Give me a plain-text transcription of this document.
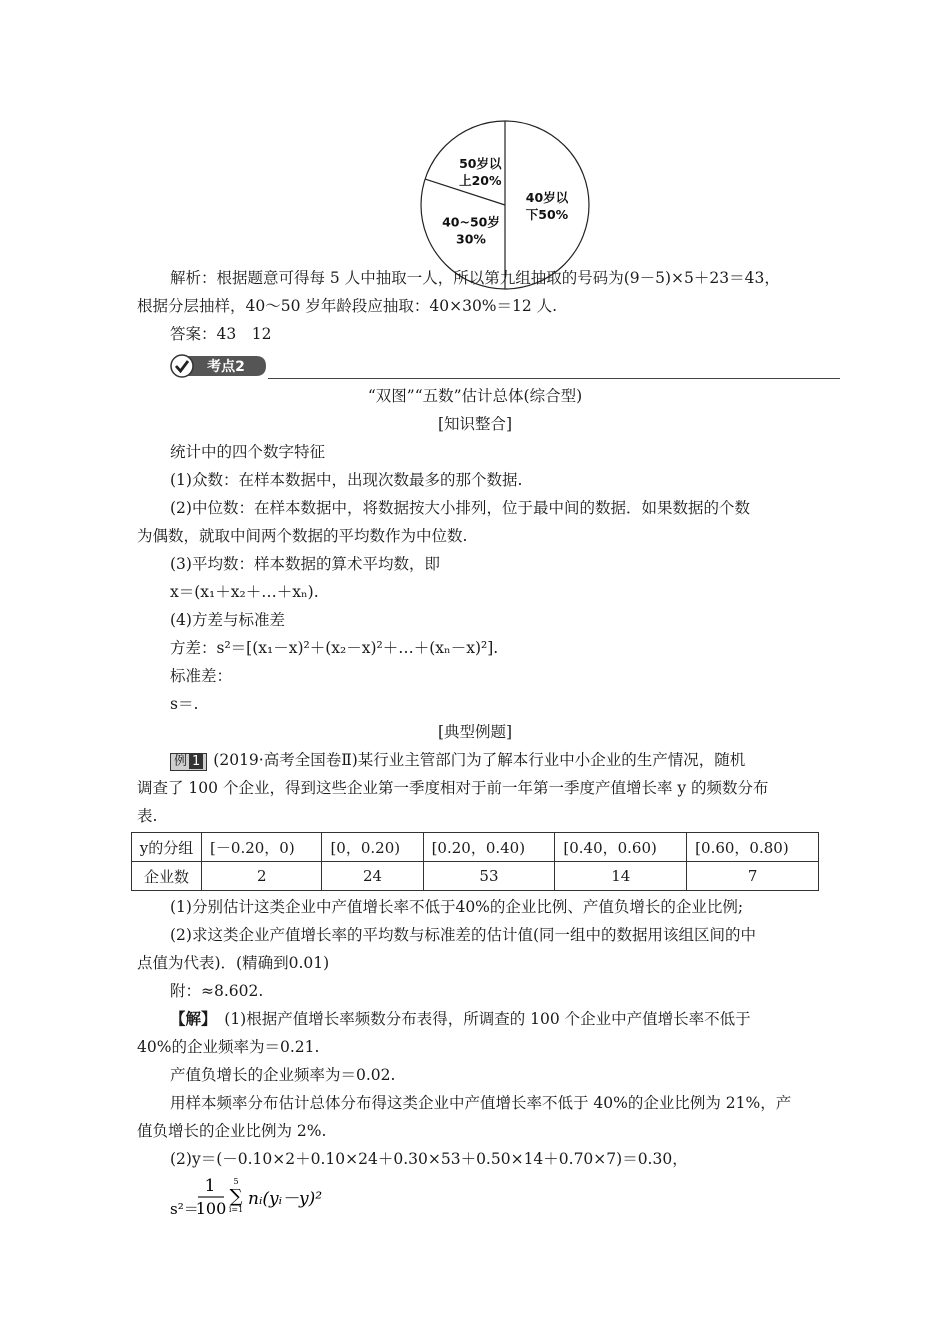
40岁以
下50%
40~50岁
30%
50岁以
上20%
解析：根据题意可得每 5 人中抽取一人，所以第九组抽取的号码为(9－5)×5＋23＝43，
根据分层抽样，40～50 岁年龄段应抽取：40×30%＝12 人.
答案：43　12
考点2
“双图”“五数”估计总体(综合型)
[知识整合]
统计中的四个数字特征
(1)众数：在样本数据中，出现次数最多的那个数据.
(2)中位数：在样本数据中，将数据按大小排列，位于最中间的数据．如果数据的个数
为偶数，就取中间两个数据的平均数作为中位数.
(3)平均数：样本数据的算术平均数，即
x＝(x₁＋x₂＋…＋xₙ).
(4)方差与标准差
方差：s²＝[(x₁－x)²＋(x₂－x)²＋…＋(xₙ－x)²].
标准差：
s＝.
[典型例题]
例 1 (2019·高考全国卷Ⅱ)某行业主管部门为了解本行业中小企业的生产情况，随机
调查了 100 个企业，得到这些企业第一季度相对于前一年第一季度产值增长率 y 的频数分布
表.
y的分组	[－0.20，0)	[0，0.20)	[0.20，0.40)	[0.40，0.60)	[0.60，0.80)
企业数	2	24	53	14	7
(1)分别估计这类企业中产值增长率不低于40%的企业比例、产值负增长的企业比例;
(2)求这类企业产值增长率的平均数与标准差的估计值(同一组中的数据用该组区间的中
点值为代表)．(精确到0.01)
附：≈8.602.
【解】　(1)根据产值增长率频数分布表得，所调查的 100 个企业中产值增长率不低于
40%的企业频率为＝0.21.
产值负增长的企业频率为＝0.02.
用样本频率分布估计总体分布得这类企业中产值增长率不低于 40%的企业比例为 21%，产
值负增长的企业比例为 2%.
(2)y＝(－0.10×2＋0.10×24＋0.30×53＋0.50×14＋0.70×7)＝0.30，
s²＝
1
100
5
∑
i=1
nᵢ(yᵢ－y)²
